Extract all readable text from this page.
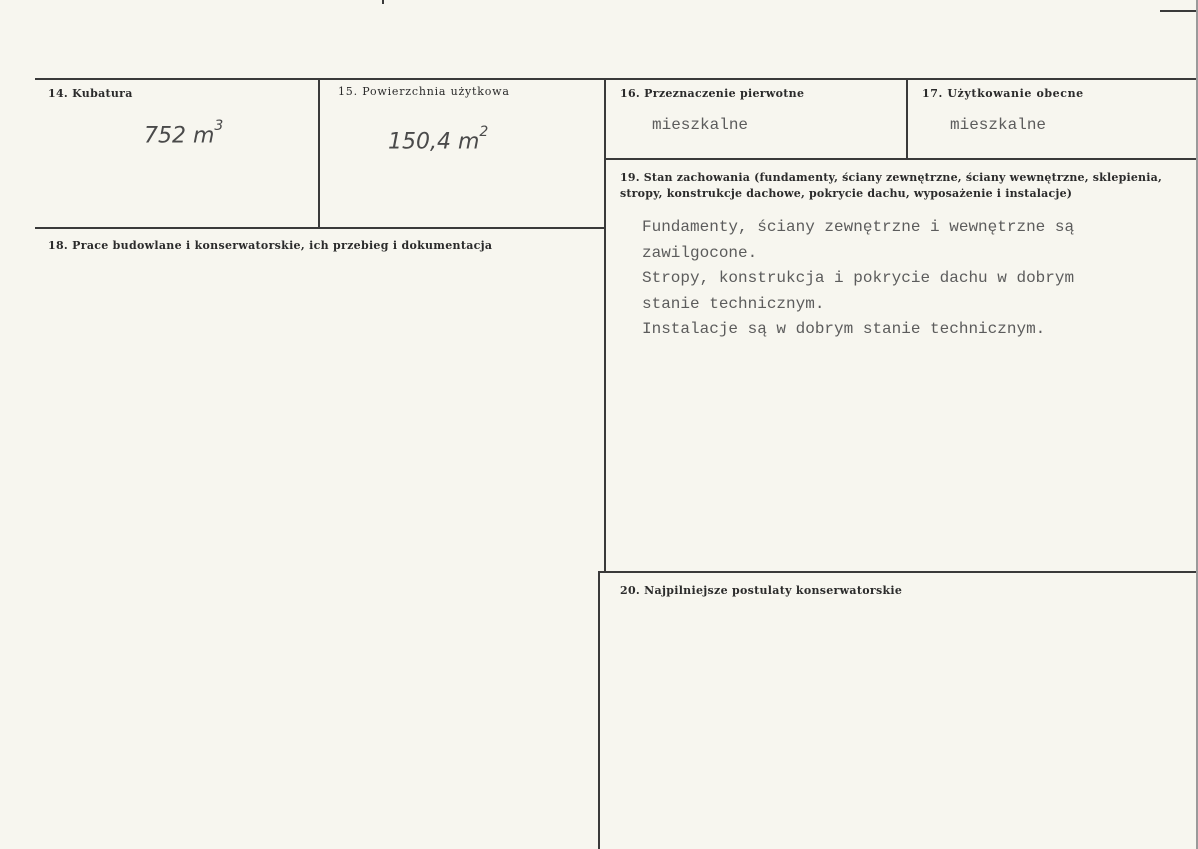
14. Kubatura
752 $m^3$
15. Powierzchnia użytkowa
150,4 $m^2$
16. Przeznaczenie pierwotne
mieszkalne
17. Użytkowanie obecne
mieszkalne
18. Prace budowlane i konserwatorskie, ich przebieg i dokumentacja
19. Stan zachowania (fundamenty, ściany zewnętrzne, ściany wewnętrzne, sklepienia, stropy, konstrukcje dachowe, pokrycie dachu, wyposażenie i instalacje)
Fundamenty, ściany zewnętrzne i wewnętrzne są
zawilgocone.
Stropy, konstrukcja i pokrycie dachu w dobrym
stanie technicznym.
Instalacje są w dobrym stanie technicznym.
20. Najpilniejsze postulaty konserwatorskie
